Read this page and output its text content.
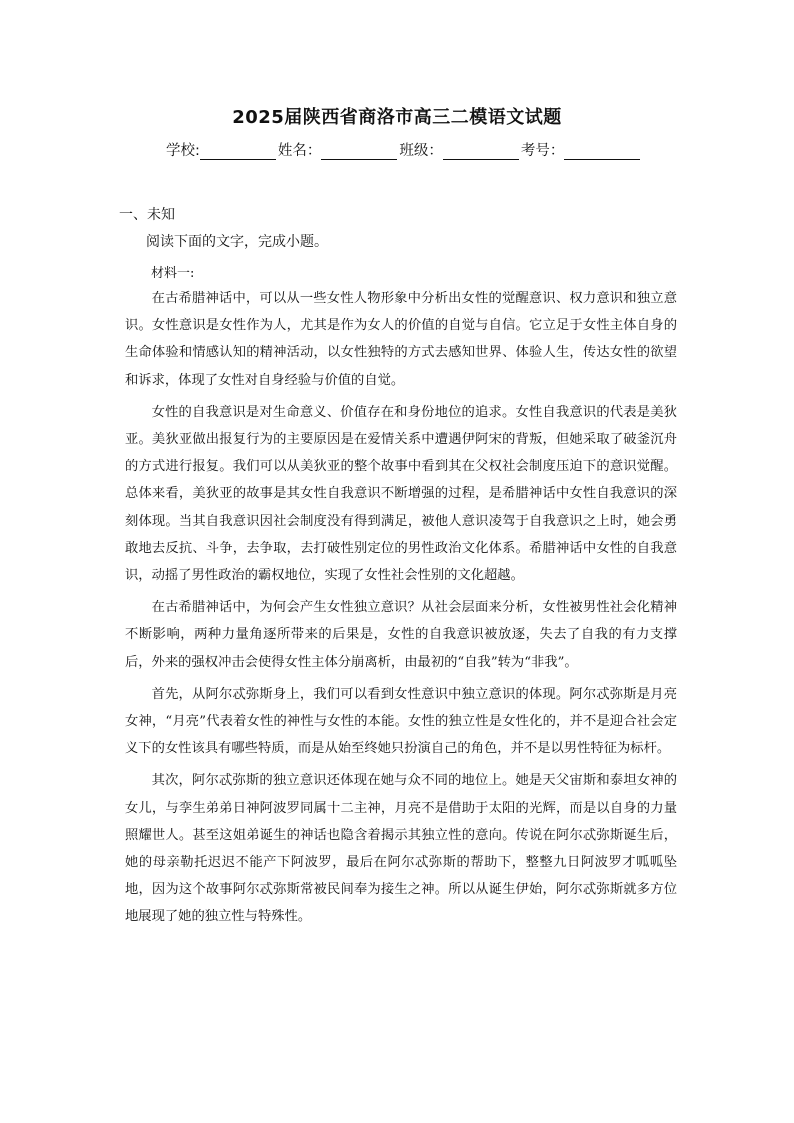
2025届陕西省商洛市高三二模语文试题
学校:	姓名：	班级：	考号：
一、未知
阅读下面的文字，完成小题。
材料一:

在古希腊神话中，可以从一些女性人物形象中分析出女性的觉醒意识、权力意识和独立意识。女性意识是女性作为人，尤其是作为女人的价值的自觉与自信。它立足于女性主体自身的生命体验和情感认知的精神活动，以女性独特的方式去感知世界、体验人生，传达女性的欲望和诉求，体现了女性对自身经验与价值的自觉。

女性的自我意识是对生命意义、价值存在和身份地位的追求。女性自我意识的代表是美狄亚。美狄亚做出报复行为的主要原因是在爱情关系中遭遇伊阿宋的背叛，但她采取了破釜沉舟的方式进行报复。我们可以从美狄亚的整个故事中看到其在父权社会制度压迫下的意识觉醒。总体来看，美狄亚的故事是其女性自我意识不断增强的过程，是希腊神话中女性自我意识的深刻体现。当其自我意识因社会制度没有得到满足，被他人意识凌驾于自我意识之上时，她会勇敢地去反抗、斗争，去争取，去打破性别定位的男性政治文化体系。希腊神话中女性的自我意识，动摇了男性政治的霸权地位，实现了女性社会性别的文化超越。

在古希腊神话中，为何会产生女性独立意识？从社会层面来分析，女性被男性社会化精神不断影响，两种力量角逐所带来的后果是，女性的自我意识被放逐，失去了自我的有力支撑后，外来的强权冲击会使得女性主体分崩离析，由最初的“自我”转为“非我”。

首先，从阿尔忒弥斯身上，我们可以看到女性意识中独立意识的体现。阿尔忒弥斯是月亮女神，“月亮”代表着女性的神性与女性的本能。女性的独立性是女性化的，并不是迎合社会定义下的女性该具有哪些特质，而是从始至终她只扮演自己的角色，并不是以男性特征为标杆。

其次，阿尔忒弥斯的独立意识还体现在她与众不同的地位上。她是天父宙斯和泰坦女神的女儿，与孪生弟弟日神阿波罗同属十二主神，月亮不是借助于太阳的光辉，而是以自身的力量照耀世人。甚至这姐弟诞生的神话也隐含着揭示其独立性的意向。传说在阿尔忒弥斯诞生后，她的母亲勒托迟迟不能产下阿波罗，最后在阿尔忒弥斯的帮助下，整整九日阿波罗才呱呱坠地，因为这个故事阿尔忒弥斯常被民间奉为接生之神。所以从诞生伊始，阿尔忒弥斯就多方位地展现了她的独立性与特殊性。
